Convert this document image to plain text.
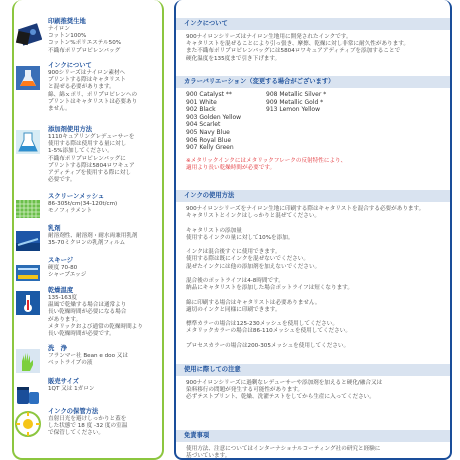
印刷推奨生地
ナイロン
コットン100%
コットン%ポリエステル50%
不織布ポリプロピレンバッグ
インクについて
900シリーズはナイロン素材へ
プリントする際はキャタリスト
と混ぜる必要があります。
綿、綿ｘポリ、ポリプロピレンへの
プリントはキャタリストは必要あり
ません。
添加剤使用方法
1110キュアリングレデューサーを
使用する際は使用する量に対し
1-5%添加してください。
不織布ポリプロピレンバッグに
プリントする際は5804ロワキュア
アディティブを使用する際に対し
必要です。
スクリーンメッシュ
86-305t/cm(34-120t/cm)
モノフィラメント
乳剤
耐溶剤性、耐溶剤・耐水両兼用乳剤
35-70ミクロンの乳剤フィルム
スキージ
硬度 70-80
シャープエッジ
乾燥温度
135-163度
温風で乾燥する場合は通常より
長い乾燥時間が必要になる場合
があります。
メタリックおよび通常の乾燥時間より
長い乾燥時間が必要です。
洗　浄
フランマー社 Bean e doo 又は
ベットライプの液
販売サイズ
1QT 又は 1ガロン
インクの保管方法
直射日光を避けしっかりと蓋を
した状態で 18 度 -32 度の室温
で保管してください。
インクについて
900ナイロンシリーズはナイロン生地用に開発されたインクです。
キャタリストを混ぜることにより引っ張き、摩擦、乾燥に対し非常に耐久性があります。
また不織布ポリプロピレンバッグには5804ロワキュアアディティブを添加することで
硬化温度を135度まで引き下げます。
カラーバリエーション（変更する場合がございます）
900 Catalyst **
901 White
902 Black
903 Golden Yellow
904 Scarlet
905 Navy Blue
906 Royal Blue
907 Kelly Green
908 Metallic Silver *
909 Metallic Gold *
913 Lemon Yellow
※メタリックインクにはメタリックフレークの反射特性により、
適用より長い乾燥時間が必要です。
インクの使用方法
900ナイロンシリーズをナイロン生地に印刷する際はキャタリストを混合する必要があります。
キャタリストとインクはしっかりと混ぜてください。

キャタリストの添加量
使用するインクの量に対して10%を添加。

インクは混合後すぐに使用できます。
使用する際は既にインクを混ぜないでください。
混ぜたインクには他の添加剤を加えないでください。

混合後のポットライフは4-8時間です。
納品にキャタリストを添加した場合ポットライフは短くなります。

綿に印刷する場合はキャタリストは必要ありません。
適切のインクと同様に印刷できます。

標準カラーの場合は125-230メッシュを使用してください。
メタリックカラーの場合は86-110メッシュを使用してください。

プロセスカラーの場合は200-305メッシュを使用してください。
使用に際しての注意
900ナイロンシリーズに過剰なレデューサーや添加剤を加えると硬化/融合又は
染料移行の問題が発生する可能性があります。
必ずテストプリント、乾燥、洗濯テストをしてから生産に入ってください。
免責事項
使用方法、注意についてはインターナショナルコーティング社の研究と経験に
基づいています。
